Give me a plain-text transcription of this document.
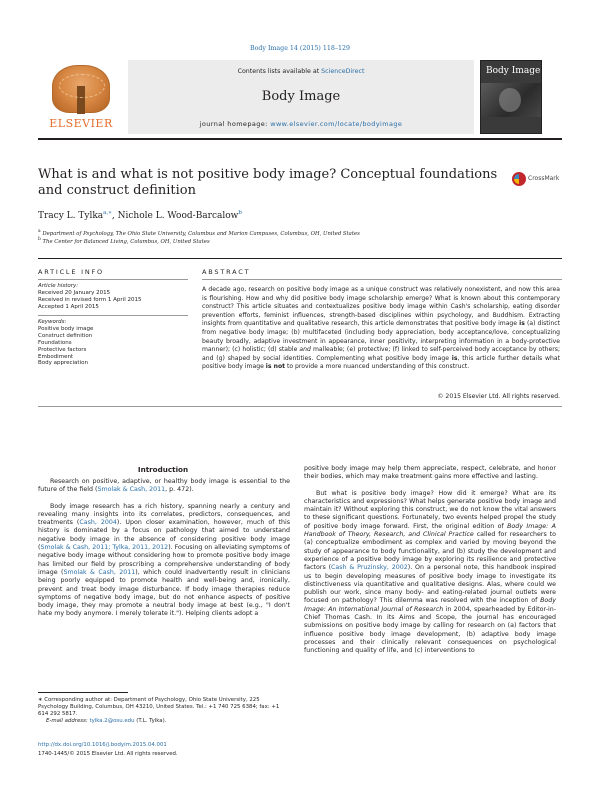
Body Image 14 (2015) 118–129
ELSEVIER
Contents lists available at ScienceDirect
Body Image
journal homepage: www.elsevier.com/locate/bodyimage
Body Image
What is and what is not positive body image? Conceptual foundations and construct definition
CrossMark
Tracy L. Tylka$^{a,∗}$, Nichole L. Wood-Barcalow$^b$
$^a$ Department of Psychology, The Ohio State University, Columbus and Marion Campuses, Columbus, OH, United States
$^b$ The Center for Balanced Living, Columbus, OH, United States
ARTICLE INFO
Article history:
Received 20 January 2015
Received in revised form 1 April 2015
Accepted 1 April 2015
Keywords:
Positive body image
Construct definition
Foundations
Protective factors
Embodiment
Body appreciation
ABSTRACT
A decade ago, research on positive body image as a unique construct was relatively nonexistent, and now this area is flourishing. How and why did positive body image scholarship emerge? What is known about this contemporary construct? This article situates and contextualizes positive body image within Cash's scholarship, eating disorder prevention efforts, feminist influences, strength-based disciplines within psychology, and Buddhism. Extracting insights from quantitative and qualitative research, this article demonstrates that positive body image is (a) distinct from negative body image; (b) multifaceted (including body appreciation, body acceptance/love, conceptualizing beauty broadly, adaptive investment in appearance, inner positivity, interpreting information in a body-protective manner); (c) holistic; (d) stable and malleable; (e) protective; (f) linked to self-perceived body acceptance by others; and (g) shaped by social identities. Complementing what positive body image is, this article further details what positive body image is not to provide a more nuanced understanding of this construct.
© 2015 Elsevier Ltd. All rights reserved.
Introduction

Research on positive, adaptive, or healthy body image is essential to the future of the field (Smolak & Cash, 2011, p. 472).

Body image research has a rich history, spanning nearly a century and revealing many insights into its correlates, predictors, consequences, and treatments (Cash, 2004). Upon closer examination, however, much of this history is dominated by a focus on pathology that aimed to understand negative body image in the absence of considering positive body image (Smolak & Cash, 2011; Tylka, 2011, 2012). Focusing on alleviating symptoms of negative body image without considering how to promote positive body image has limited our field by proscribing a comprehensive understanding of body image (Smolak & Cash, 2011), which could inadvertently result in clinicians being poorly equipped to promote health and well-being and, ironically, prevent and treat body image disturbance. If body image therapies reduce symptoms of negative body image, but do not enhance aspects of positive body image, they may promote a neutral body image at best (e.g., "I don't hate my body anymore. I merely tolerate it."). Helping clients adopt a

positive body image may help them appreciate, respect, celebrate, and honor their bodies, which may make treatment gains more effective and lasting.

But what is positive body image? How did it emerge? What are its characteristics and expressions? What helps generate positive body image and maintain it? Without exploring this construct, we do not know the vital answers to these significant questions. Fortunately, two events helped propel the study of positive body image forward. First, the original edition of Body Image: A Handbook of Theory, Research, and Clinical Practice called for researchers to (a) conceptualize embodiment as complex and varied by moving beyond the study of appearance to body functionality, and (b) study the development and experience of a positive body image by exploring its resilience and protective factors (Cash & Pruzinsky, 2002). On a personal note, this handbook inspired us to begin developing measures of positive body image to investigate its distinctiveness via quantitative and qualitative designs. Alas, where could we publish our work, since many body- and eating-related journal outlets were focused on pathology? This dilemma was resolved with the inception of Body Image: An International Journal of Research in 2004, spearheaded by Editor-in-Chief Thomas Cash. In its Aims and Scope, the journal has encouraged submissions on positive body image by calling for research on (a) factors that influence positive body image development, (b) adaptive body image processes and their clinically relevant consequences on psychological functioning and quality of life, and (c) interventions to

∗ Corresponding author at: Department of Psychology, Ohio State University, 225 Psychology Building, Columbus, OH 43210, United States. Tel.: +1 740 725 6384; fax: +1 614 292 5817.
E-mail address: tylka.2@osu.edu (T.L. Tylka).
http://dx.doi.org/10.1016/j.bodyim.2015.04.001
1740-1445/© 2015 Elsevier Ltd. All rights reserved.
